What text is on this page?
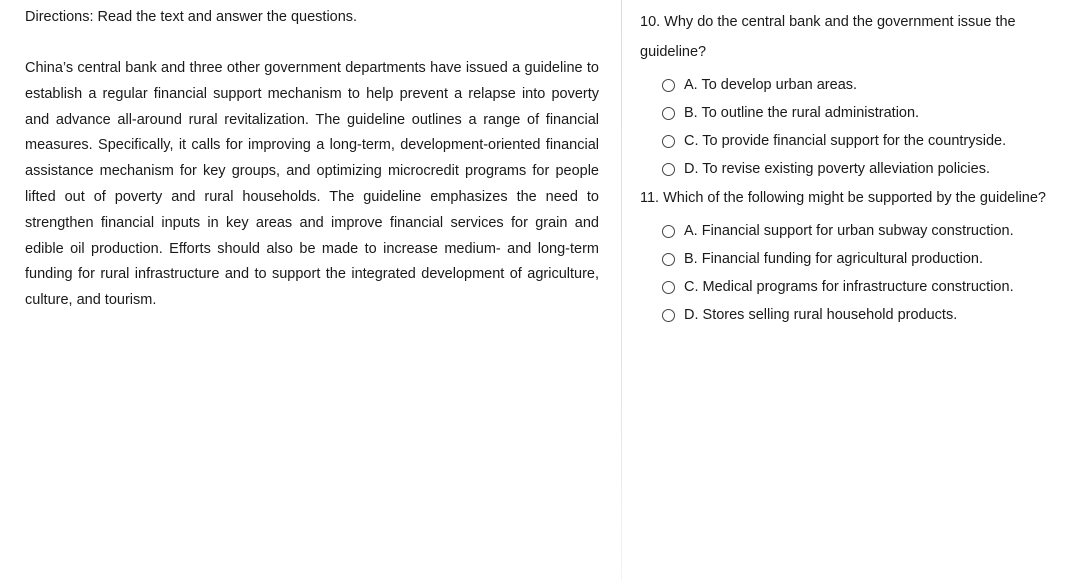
Directions: Read the text and answer the questions.

China’s central bank and three other government departments have issued a guideline to establish a regular financial support mechanism to help prevent a relapse into poverty and advance all-around rural revitalization. The guideline outlines a range of financial measures. Specifically, it calls for improving a long-term, development-oriented financial assistance mechanism for key groups, and optimizing microcredit programs for people lifted out of poverty and rural households. The guideline emphasizes the need to strengthen financial inputs in key areas and improve financial services for grain and edible oil production. Efforts should also be made to increase medium- and long-term funding for rural infrastructure and to support the integrated development of agriculture, culture, and tourism.

10. Why do the central bank and the government issue the guideline?

A. To develop urban areas.
B. To outline the rural administration.
C. To provide financial support for the countryside.
D. To revise existing poverty alleviation policies.

11. Which of the following might be supported by the guideline?

A. Financial support for urban subway construction.
B. Financial funding for agricultural production.
C. Medical programs for infrastructure construction.
D. Stores selling rural household products.
